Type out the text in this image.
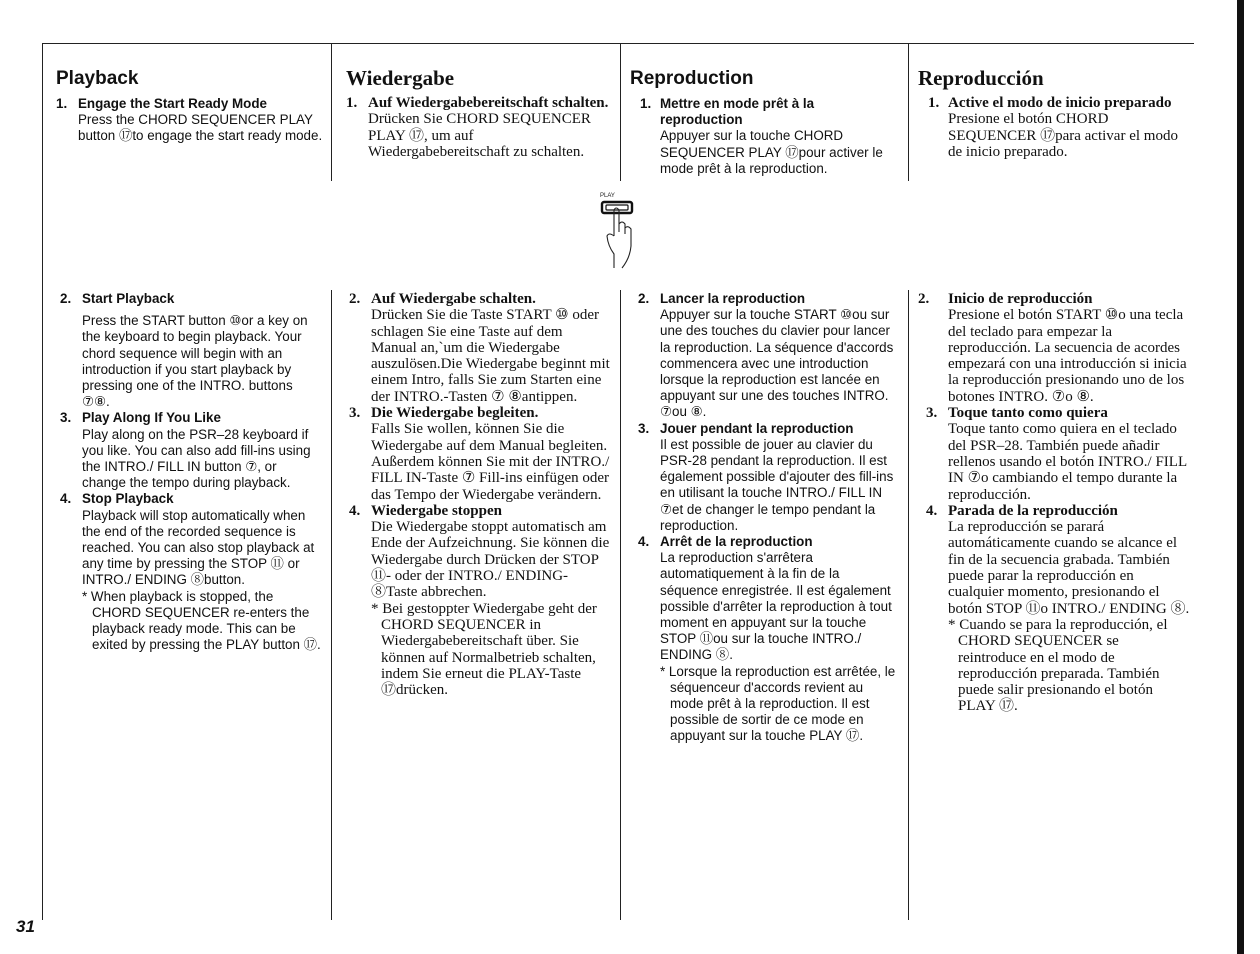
Playback
1. Engage the Start Ready Mode
Press the CHORD SEQUENCER PLAY button ⑰to engage the start ready mode.
2. Start Playback
Press the START button ⑩or a key on the keyboard to begin playback. Your chord sequence will begin with an introduction if you start playback by pressing one of the INTRO. buttons ⑦⑧.
3. Play Along If You Like
Play along on the PSR–28 keyboard if you like. You can also add fill-ins using the INTRO./ FILL IN button ⑦, or change the tempo during playback.
4. Stop Playback
Playback will stop automatically when the end of the recorded sequence is reached. You can also stop playback at any time by pressing the STOP ⑪ or INTRO./ ENDING ⑧button.
* When playback is stopped, the CHORD SEQUENCER re-enters the playback ready mode. This can be exited by pressing the PLAY button ⑰.
Wiedergabe
1. Auf Wiedergabebereitschaft schalten.
Drücken Sie CHORD SEQUENCER PLAY ⑰, um auf Wiedergabebereitschaft zu schalten.
2. Auf Wiedergabe schalten.
Drücken Sie die Taste START ⑩ oder schlagen Sie eine Taste auf dem Manual an,`um die Wiedergabe auszulösen.Die Wiedergabe beginnt mit einem Intro, falls Sie zum Starten eine der INTRO.-Tasten ⑦ ⑧antippen.
3. Die Wiedergabe begleiten.
Falls Sie wollen, können Sie die Wiedergabe auf dem Manual begleiten. Außerdem können Sie mit der INTRO./ FILL IN-Taste ⑦ Fill-ins einfügen oder das Tempo der Wiedergabe verändern.
4. Wiedergabe stoppen
Die Wiedergabe stoppt automatisch am Ende der Aufzeichnung. Sie können die Wiedergabe durch Drücken der STOP ⑪- oder der INTRO./ ENDING- ⑧Taste abbrechen.
* Bei gestoppter Wiedergabe geht der CHORD SEQUENCER in Wiedergabebereitschaft über. Sie können auf Normalbetrieb schalten, indem Sie erneut die PLAY-Taste ⑰drücken.
PLAY
Reproduction
1. Mettre en mode prêt à la reproduction
Appuyer sur la touche CHORD SEQUENCER PLAY ⑰pour activer le mode prêt à la reproduction.
2. Lancer la reproduction
Appuyer sur la touche START ⑩ou sur une des touches du clavier pour lancer la reproduction. La séquence d'accords commencera avec une introduction lorsque la reproduction est lancée en appuyant sur une des touches INTRO. ⑦ou ⑧.
3. Jouer pendant la reproduction
Il est possible de jouer au clavier du PSR-28 pendant la reproduction. Il est également possible d'ajouter des fill-ins en utilisant la touche INTRO./ FILL IN ⑦et de changer le tempo pendant la reproduction.
4. Arrêt de la reproduction
La reproduction s'arrêtera automatiquement à la fin de la séquence enregistrée. Il est également possible d'arrêter la reproduction à tout moment en appuyant sur la touche STOP ⑪ou sur la touche INTRO./ ENDING ⑧.
* Lorsque la reproduction est arrêtée, le séquenceur d'accords revient au mode prêt à la reproduction. Il est possible de sortir de ce mode en appuyant sur la touche PLAY ⑰.
Reproducción
1. Active el modo de inicio preparado
Presione el botón CHORD SEQUENCER ⑰para activar el modo de inicio preparado.
2. Inicio de reproducción
Presione el botón START ⑩o una tecla del teclado para empezar la reproducción. La secuencia de acordes empezará con una introducción si inicia la reproducción presionando uno de los botones INTRO. ⑦o ⑧.
3. Toque tanto como quiera
Toque tanto como quiera en el teclado del PSR–28. También puede añadir rellenos usando el botón INTRO./ FILL IN ⑦o cambiando el tempo durante la reproducción.
4. Parada de la reproducción
La reproducción se parará automáticamente cuando se alcance el fin de la secuencia grabada. También puede parar la reproducción en cualquier momento, presionando el botón STOP ⑪o INTRO./ ENDING ⑧.
* Cuando se para la reproducción, el CHORD SEQUENCER se reintroduce en el modo de reproducción preparada. También puede salir presionando el botón PLAY ⑰.
31
